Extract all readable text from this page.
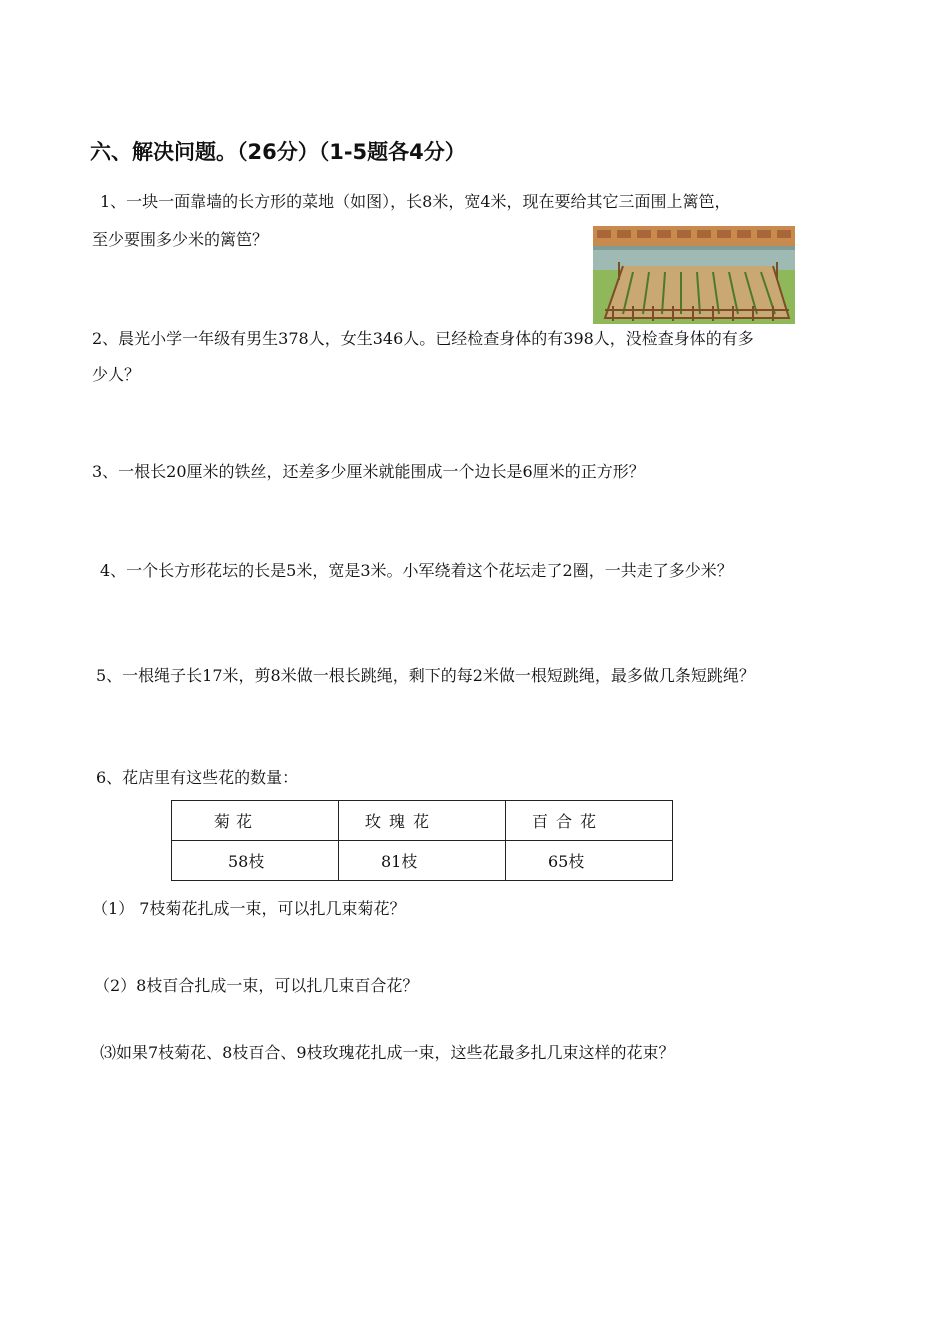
六、解决问题。（26分）（1-5题各4分）
1、一块一面靠墙的长方形的菜地（如图），长8米，宽4米，现在要给其它三面围上篱笆，
至少要围多少米的篱笆？
2、晨光小学一年级有男生378人，女生346人。已经检查身体的有398人，没检查身体的有多
少人？
3、一根长20厘米的铁丝，还差多少厘米就能围成一个边长是6厘米的正方形？
4、一个长方形花坛的长是5米，宽是3米。小军绕着这个花坛走了2圈，一共走了多少米？
5、一根绳子长17米，剪8米做一根长跳绳，剩下的每2米做一根短跳绳，最多做几条短跳绳？
6、花店里有这些花的数量：
菊花	玫瑰花	百合花
58枝	81枝	65枝
（1） 7枝菊花扎成一束，可以扎几束菊花？
（2）8枝百合扎成一束，可以扎几束百合花？
⑶如果7枝菊花、8枝百合、9枝玫瑰花扎成一束，这些花最多扎几束这样的花束？
